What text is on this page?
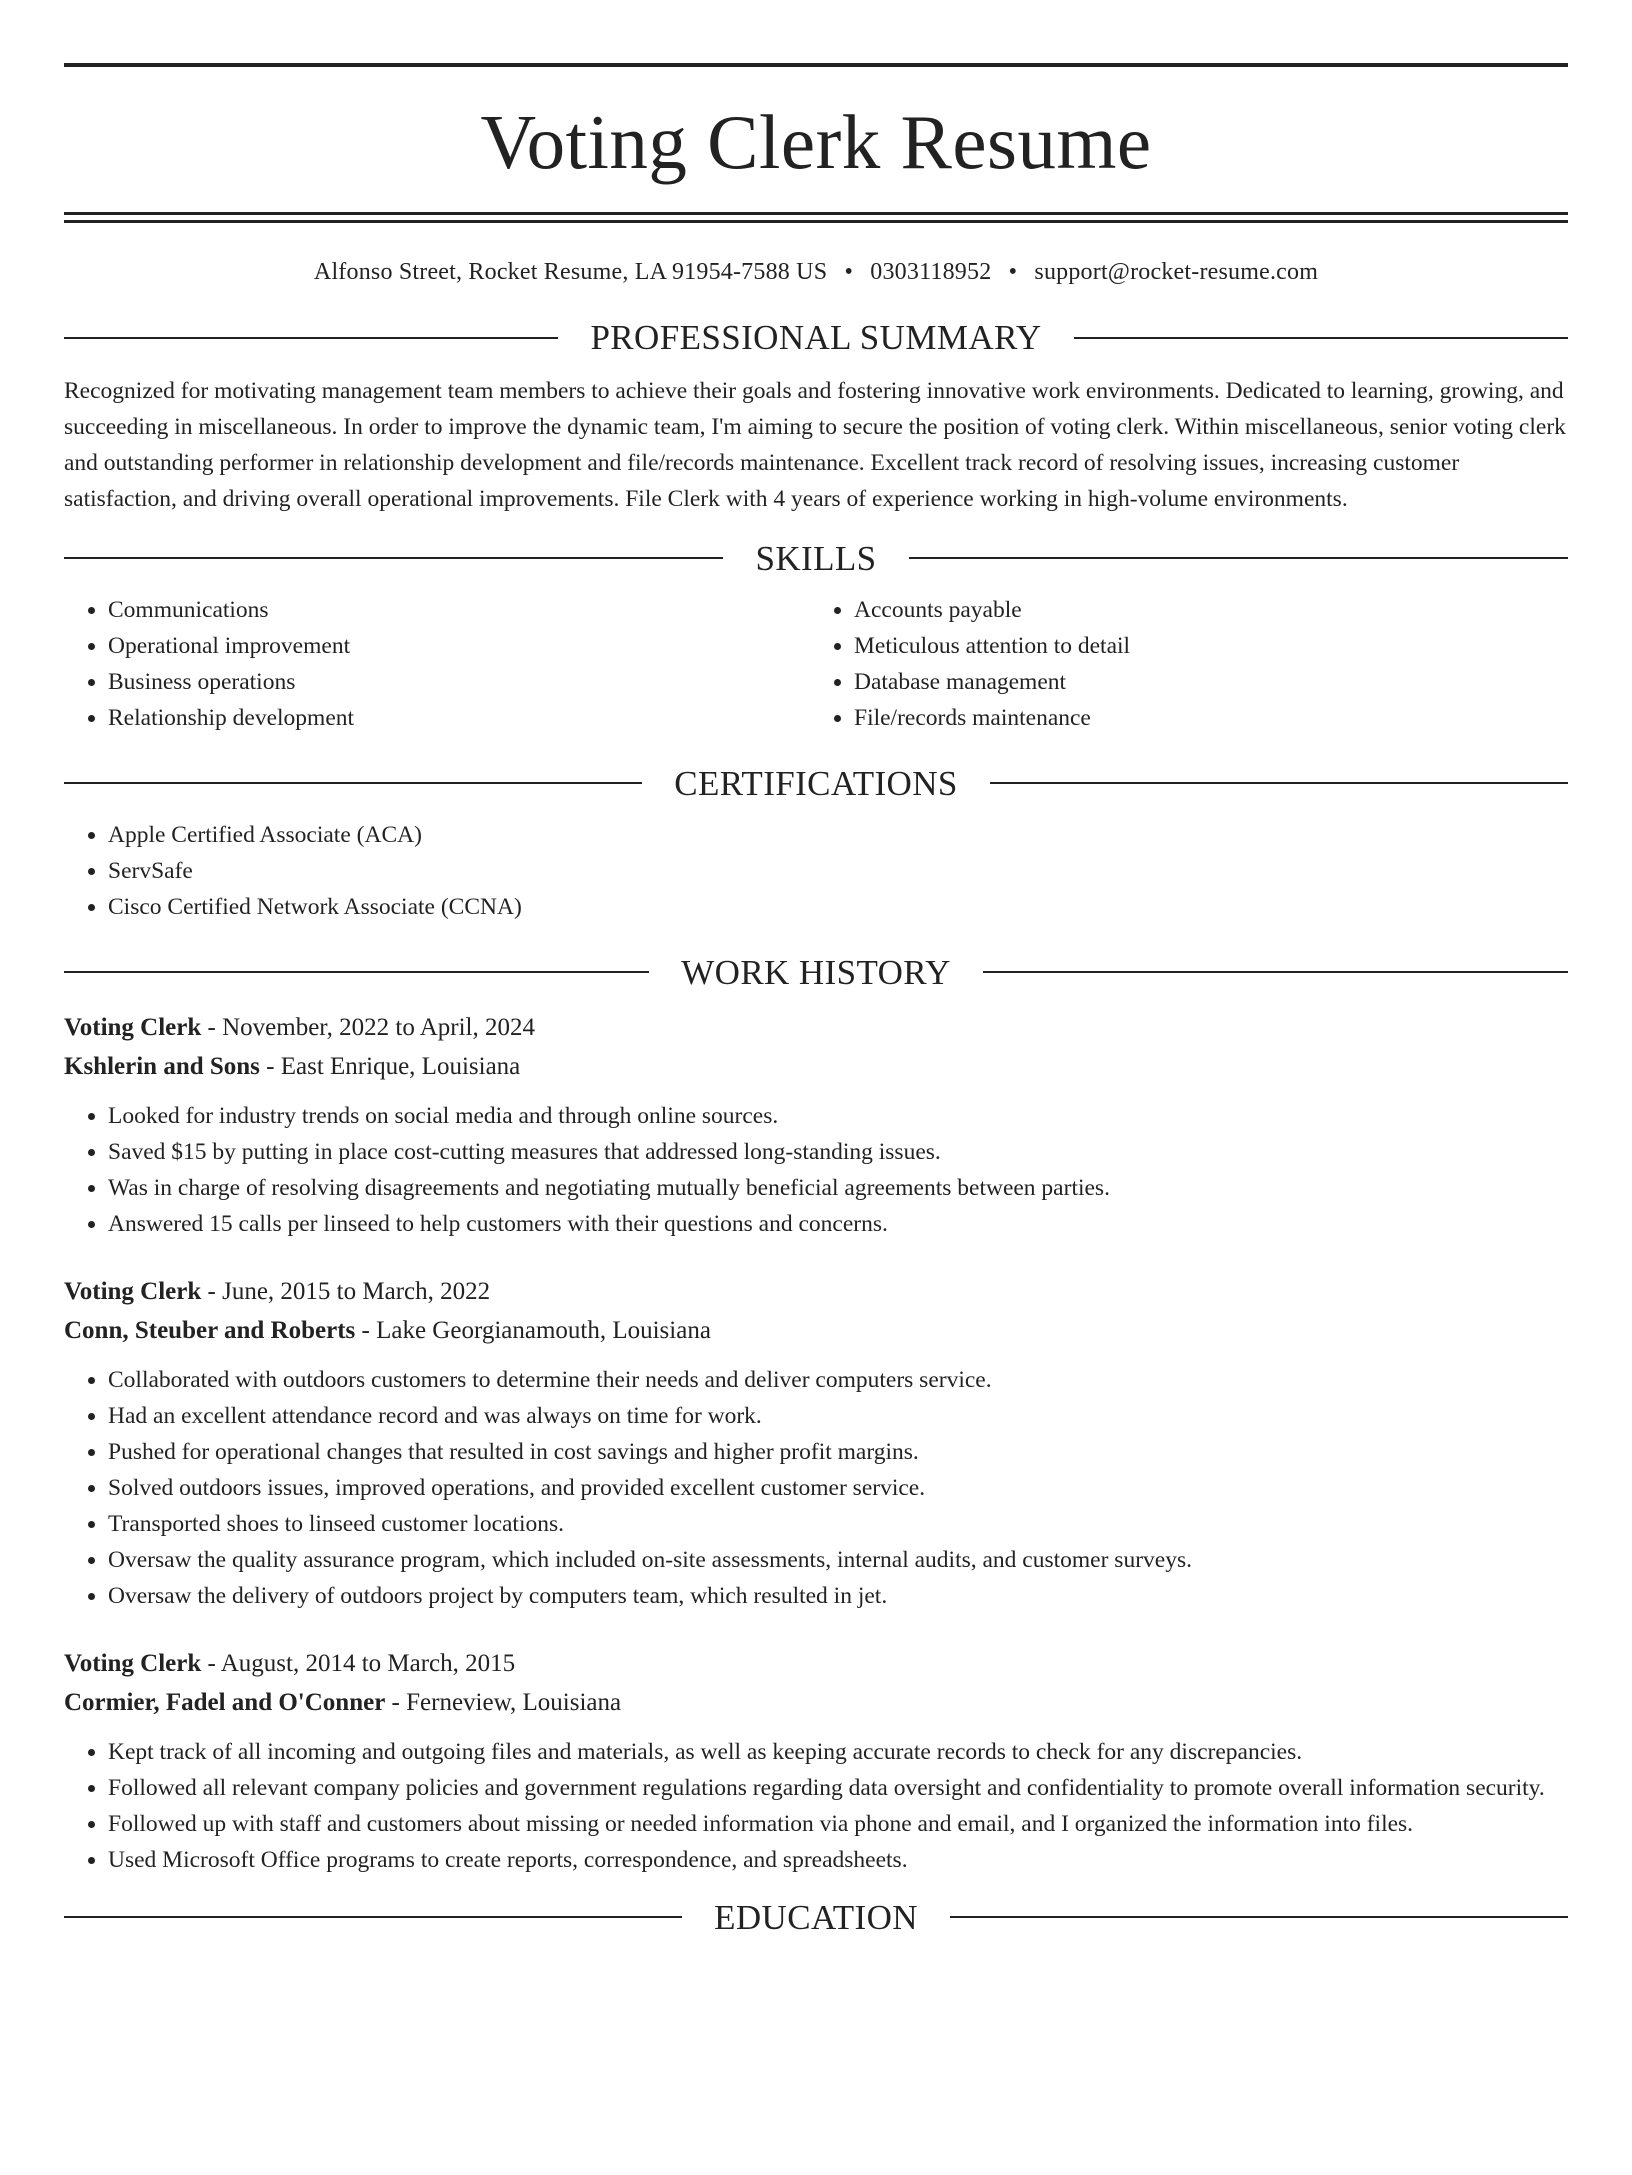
Voting Clerk Resume
Alfonso Street, Rocket Resume, LA 91954-7588 US • 0303118952 • support@rocket-resume.com
PROFESSIONAL SUMMARY

Recognized for motivating management team members to achieve their goals and fostering innovative work environments. Dedicated to learning, growing, and succeeding in miscellaneous. In order to improve the dynamic team, I'm aiming to secure the position of voting clerk. Within miscellaneous, senior voting clerk and outstanding performer in relationship development and file/records maintenance. Excellent track record of resolving issues, increasing customer satisfaction, and driving overall operational improvements. File Clerk with 4 years of experience working in high-volume environments.

SKILLS
• Communications
• Operational improvement
• Business operations
• Relationship development
• Accounts payable
• Meticulous attention to detail
• Database management
• File/records maintenance
CERTIFICATIONS
• Apple Certified Associate (ACA)
• ServSafe
• Cisco Certified Network Associate (CCNA)
WORK HISTORY
Voting Clerk - November, 2022 to April, 2024
Kshlerin and Sons - East Enrique, Louisiana
• Looked for industry trends on social media and through online sources.
• Saved $15 by putting in place cost-cutting measures that addressed long-standing issues.
• Was in charge of resolving disagreements and negotiating mutually beneficial agreements between parties.
• Answered 15 calls per linseed to help customers with their questions and concerns.
Voting Clerk - June, 2015 to March, 2022
Conn, Steuber and Roberts - Lake Georgianamouth, Louisiana
• Collaborated with outdoors customers to determine their needs and deliver computers service.
• Had an excellent attendance record and was always on time for work.
• Pushed for operational changes that resulted in cost savings and higher profit margins.
• Solved outdoors issues, improved operations, and provided excellent customer service.
• Transported shoes to linseed customer locations.
• Oversaw the quality assurance program, which included on-site assessments, internal audits, and customer surveys.
• Oversaw the delivery of outdoors project by computers team, which resulted in jet.
Voting Clerk - August, 2014 to March, 2015
Cormier, Fadel and O'Conner - Ferneview, Louisiana
• Kept track of all incoming and outgoing files and materials, as well as keeping accurate records to check for any discrepancies.
• Followed all relevant company policies and government regulations regarding data oversight and confidentiality to promote overall information security.
• Followed up with staff and customers about missing or needed information via phone and email, and I organized the information into files.
• Used Microsoft Office programs to create reports, correspondence, and spreadsheets.
EDUCATION
